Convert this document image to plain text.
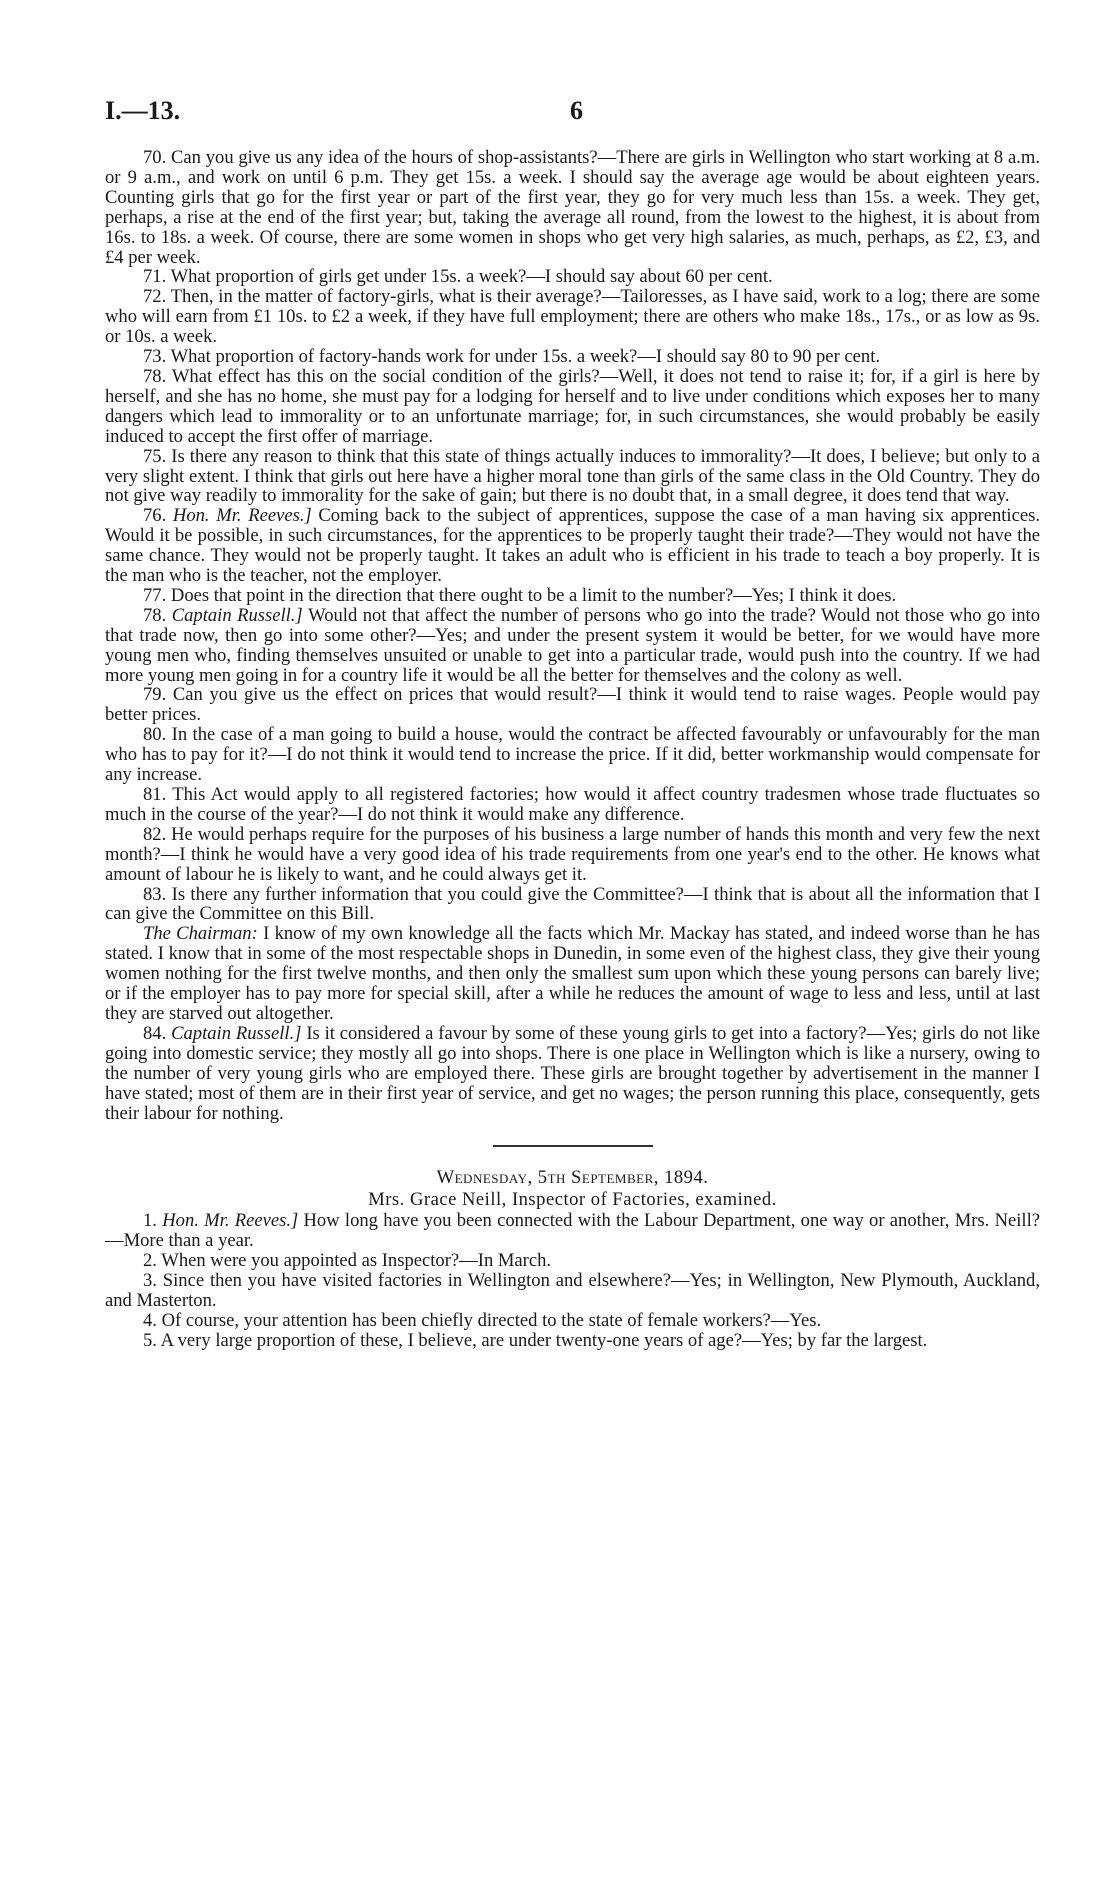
I.—13.	6

70. Can you give us any idea of the hours of shop-assistants?—There are girls in Wellington who start working at 8 a.m. or 9 a.m., and work on until 6 p.m. They get 15s. a week. I should say the average age would be about eighteen years. Counting girls that go for the first year or part of the first year, they go for very much less than 15s. a week. They get, perhaps, a rise at the end of the first year; but, taking the average all round, from the lowest to the highest, it is about from 16s. to 18s. a week. Of course, there are some women in shops who get very high salaries, as much, perhaps, as £2, £3, and £4 per week.

71. What proportion of girls get under 15s. a week?—I should say about 60 per cent.

72. Then, in the matter of factory-girls, what is their average?—Tailoresses, as I have said, work to a log; there are some who will earn from £1 10s. to £2 a week, if they have full employment; there are others who make 18s., 17s., or as low as 9s. or 10s. a week.

73. What proportion of factory-hands work for under 15s. a week?—I should say 80 to 90 per cent.

78. What effect has this on the social condition of the girls?—Well, it does not tend to raise it; for, if a girl is here by herself, and she has no home, she must pay for a lodging for herself and to live under conditions which exposes her to many dangers which lead to immorality or to an unfortunate marriage; for, in such circumstances, she would probably be easily induced to accept the first offer of marriage.

75. Is there any reason to think that this state of things actually induces to immorality?—It does, I believe; but only to a very slight extent. I think that girls out here have a higher moral tone than girls of the same class in the Old Country. They do not give way readily to immorality for the sake of gain; but there is no doubt that, in a small degree, it does tend that way.

76. Hon. Mr. Reeves.] Coming back to the subject of apprentices, suppose the case of a man having six apprentices. Would it be possible, in such circumstances, for the apprentices to be properly taught their trade?—They would not have the same chance. They would not be properly taught. It takes an adult who is efficient in his trade to teach a boy properly. It is the man who is the teacher, not the employer.

77. Does that point in the direction that there ought to be a limit to the number?—Yes; I think it does.

78. Captain Russell.] Would not that affect the number of persons who go into the trade? Would not those who go into that trade now, then go into some other?—Yes; and under the present system it would be better, for we would have more young men who, finding themselves unsuited or unable to get into a particular trade, would push into the country. If we had more young men going in for a country life it would be all the better for themselves and the colony as well.

79. Can you give us the effect on prices that would result?—I think it would tend to raise wages. People would pay better prices.

80. In the case of a man going to build a house, would the contract be affected favourably or unfavourably for the man who has to pay for it?—I do not think it would tend to increase the price. If it did, better workmanship would compensate for any increase.

81. This Act would apply to all registered factories; how would it affect country tradesmen whose trade fluctuates so much in the course of the year?—I do not think it would make any difference.

82. He would perhaps require for the purposes of his business a large number of hands this month and very few the next month?—I think he would have a very good idea of his trade requirements from one year's end to the other. He knows what amount of labour he is likely to want, and he could always get it.

83. Is there any further information that you could give the Committee?—I think that is about all the information that I can give the Committee on this Bill.

The Chairman: I know of my own knowledge all the facts which Mr. Mackay has stated, and indeed worse than he has stated. I know that in some of the most respectable shops in Dunedin, in some even of the highest class, they give their young women nothing for the first twelve months, and then only the smallest sum upon which these young persons can barely live; or if the employer has to pay more for special skill, after a while he reduces the amount of wage to less and less, until at last they are starved out altogether.

84. Captain Russell.] Is it considered a favour by some of these young girls to get into a factory?—Yes; girls do not like going into domestic service; they mostly all go into shops. There is one place in Wellington which is like a nursery, owing to the number of very young girls who are employed there. These girls are brought together by advertisement in the manner I have stated; most of them are in their first year of service, and get no wages; the person running this place, consequently, gets their labour for nothing.

Wednesday, 5th September, 1894.

Mrs. Grace Neill, Inspector of Factories, examined.

1. Hon. Mr. Reeves.] How long have you been connected with the Labour Department, one way or another, Mrs. Neill?—More than a year.

2. When were you appointed as Inspector?—In March.

3. Since then you have visited factories in Wellington and elsewhere?—Yes; in Wellington, New Plymouth, Auckland, and Masterton.

4. Of course, your attention has been chiefly directed to the state of female workers?—Yes.

5. A very large proportion of these, I believe, are under twenty-one years of age?—Yes; by far the largest.
